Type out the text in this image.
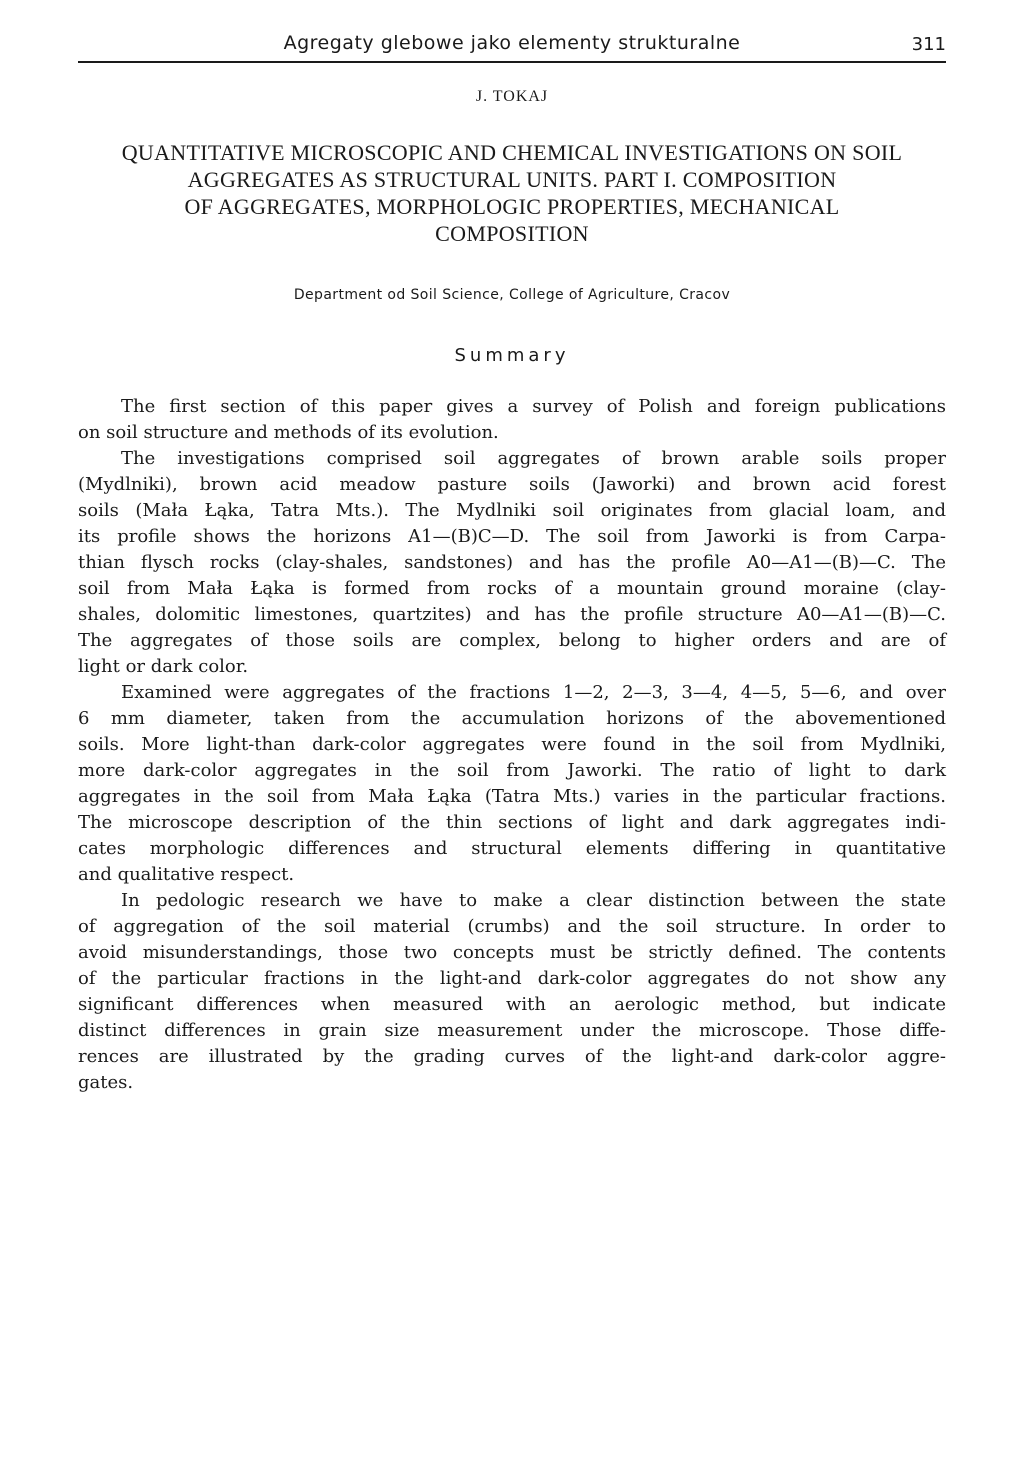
Agregaty glebowe jako elementy strukturalne	311
J. TOKAJ
QUANTITATIVE MICROSCOPIC AND CHEMICAL INVESTIGATIONS ON SOIL
AGGREGATES AS STRUCTURAL UNITS. PART I. COMPOSITION
OF AGGREGATES, MORPHOLOGIC PROPERTIES, MECHANICAL
COMPOSITION
Department od Soil Science, College of Agriculture, Cracov
Summary
The first section of this paper gives a survey of Polish and foreign publications
on soil structure and methods of its evolution.
The investigations comprised soil aggregates of brown arable soils proper
(Mydlniki), brown acid meadow pasture soils (Jaworki) and brown acid forest
soils (Mała Łąka, Tatra Mts.). The Mydlniki soil originates from glacial loam, and
its profile shows the horizons A1—(B)C—D. The soil from Jaworki is from Carpa-
thian flysch rocks (clay-shales, sandstones) and has the profile A0—A1—(B)—C. The
soil from Mała Łąka is formed from rocks of a mountain ground moraine (clay-
shales, dolomitic limestones, quartzites) and has the profile structure A0—A1—(B)—C.
The aggregates of those soils are complex, belong to higher orders and are of
light or dark color.
Examined were aggregates of the fractions 1—2, 2—3, 3—4, 4—5, 5—6, and over
6 mm diameter, taken from the accumulation horizons of the abovementioned
soils. More light-than dark-color aggregates were found in the soil from Mydlniki,
more dark-color aggregates in the soil from Jaworki. The ratio of light to dark
aggregates in the soil from Mała Łąka (Tatra Mts.) varies in the particular fractions.
The microscope description of the thin sections of light and dark aggregates indi-
cates morphologic differences and structural elements differing in quantitative
and qualitative respect.
In pedologic research we have to make a clear distinction between the state
of aggregation of the soil material (crumbs) and the soil structure. In order to
avoid misunderstandings, those two concepts must be strictly defined. The contents
of the particular fractions in the light-and dark-color aggregates do not show any
significant differences when measured with an aerologic method, but indicate
distinct differences in grain size measurement under the microscope. Those diffe-
rences are illustrated by the grading curves of the light-and dark-color aggre-
gates.
